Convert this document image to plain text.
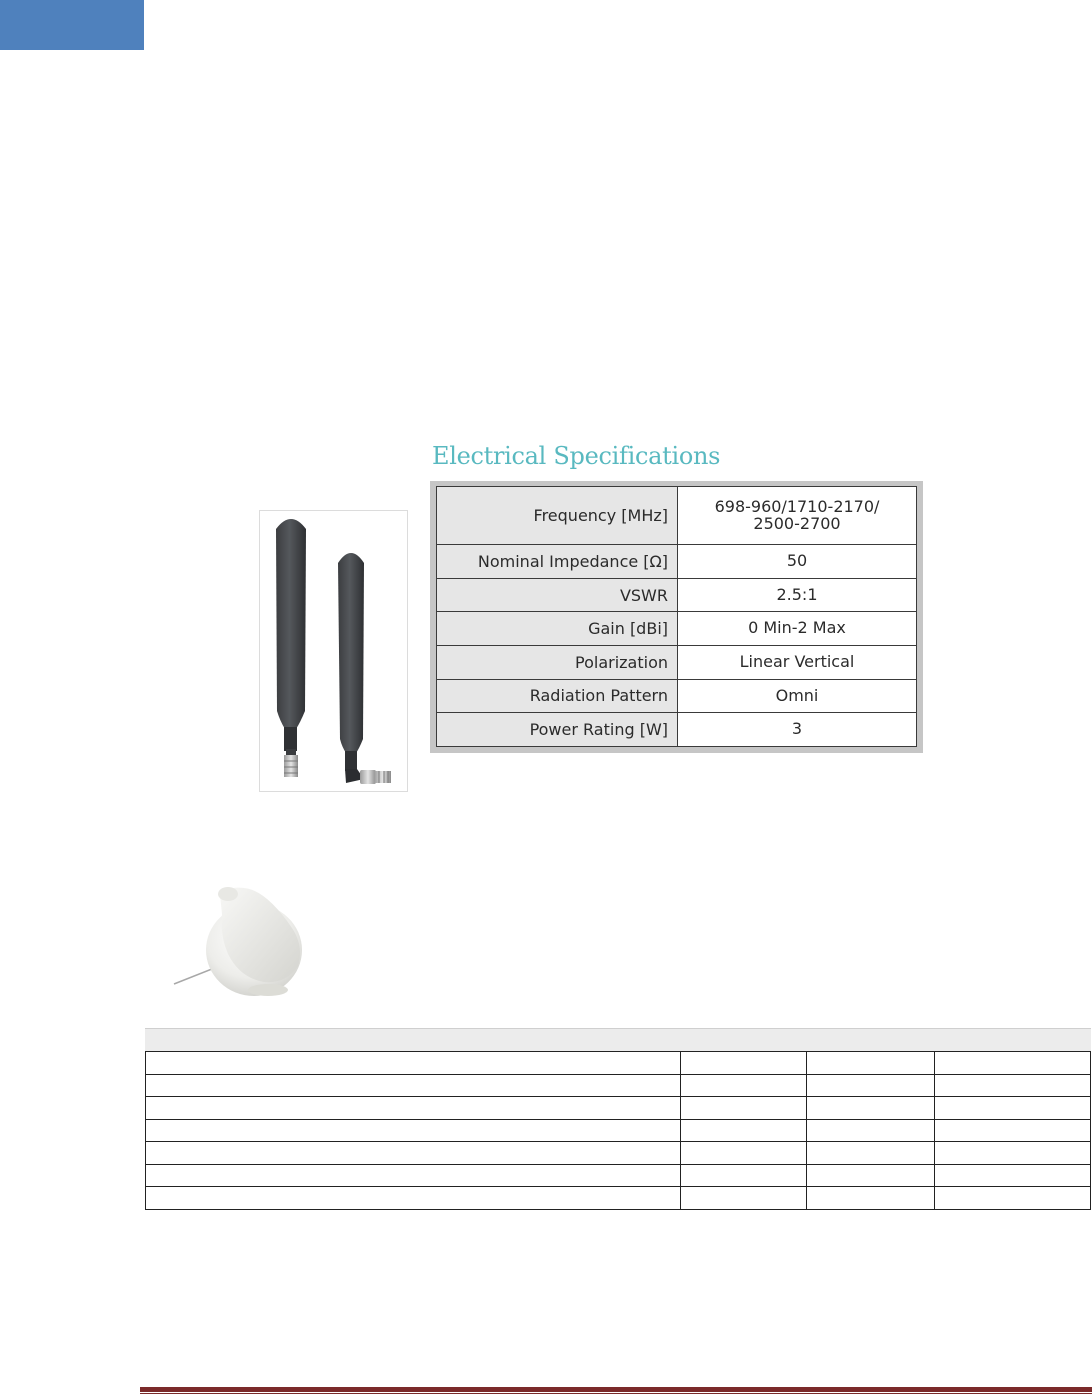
Electrical Specifications
Frequency [MHz]	698-960/1710-2170/
2500-2700
Nominal Impedance [Ω]	50
VSWR	2.5:1
Gain [dBi]	0 Min-2 Max
Polarization	Linear Vertical
Radiation Pattern	Omni
Power Rating [W]	3
